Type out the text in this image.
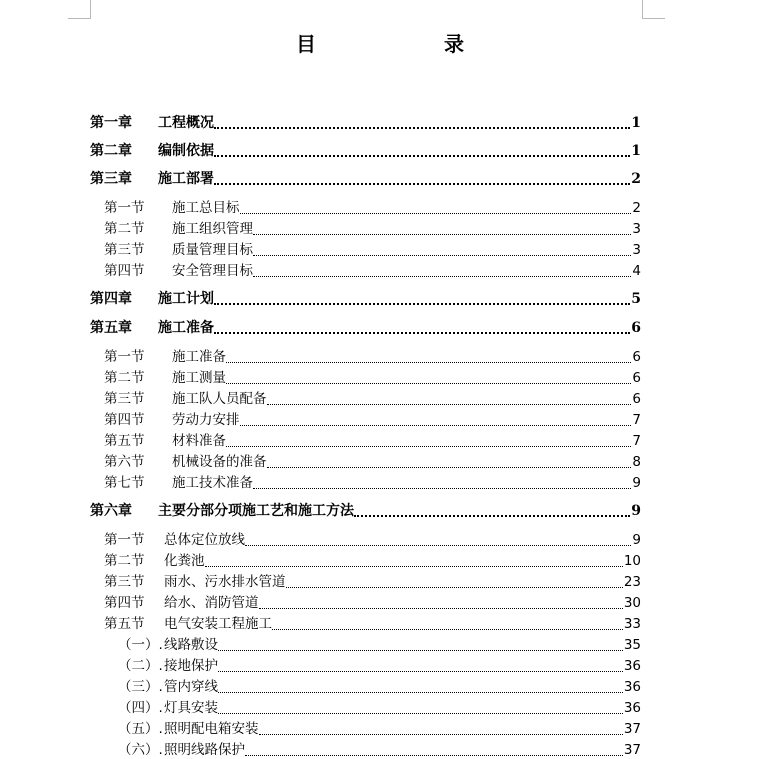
目	录
第一章	工程概况	1
第二章	编制依据	1
第三章	施工部署	2
第一节	施工总目标	2
第二节	施工组织管理	3
第三节	质量管理目标	3
第四节	安全管理目标	4
第四章	施工计划	5
第五章	施工准备	6
第一节	施工准备	6
第二节	施工测量	6
第三节	施工队人员配备	6
第四节	劳动力安排	7
第五节	材料准备	7
第六节	机械设备的准备	8
第七节	施工技术准备	9
第六章	主要分部分项施工艺和施工方法	9
第一节	总体定位放线	9
第二节	化粪池	10
第三节	雨水、污水排水管道	23
第四节	给水、消防管道	30
第五节	电气安装工程施工	33
（一）. 线路敷设	35
（二）. 接地保护	36
（三）. 管内穿线	36
（四）. 灯具安装	36
（五）. 照明配电箱安装	37
（六）. 照明线路保护	37
